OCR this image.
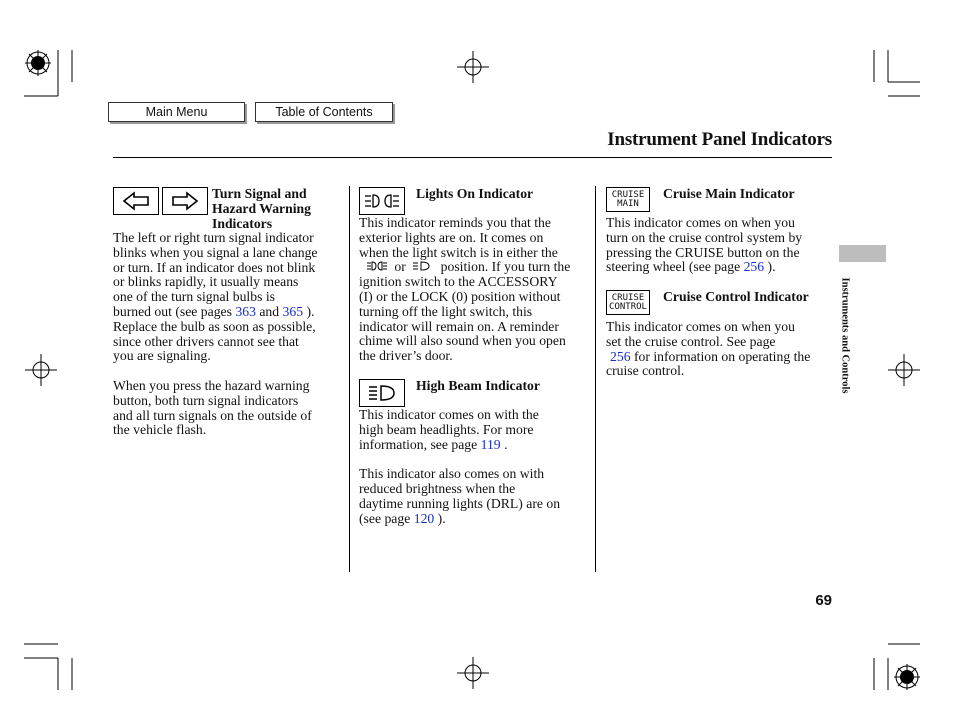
Main Menu	Table of Contents
Instrument Panel Indicators
Instruments and Controls
Turn Signal and
Hazard Warning
Indicators
The left or right turn signal indicator
blinks when you signal a lane change
or turn. If an indicator does not blink
or blinks rapidly, it usually means
one of the turn signal bulbs is
burned out (see pages 363 and 365 ).
Replace the bulb as soon as possible,
since other drivers cannot see that
you are signaling.
When you press the hazard warning
button, both turn signal indicators
and all turn signals on the outside of
the vehicle flash.
Lights On Indicator
This indicator reminds you that the
exterior lights are on. It comes on
when the light switch is in either the
or	position. If you turn the
ignition switch to the ACCESSORY
(I) or the LOCK (0) position without
turning off the light switch, this
indicator will remain on. A reminder
chime will also sound when you open
the driver’s door.
High Beam Indicator
This indicator comes on with the
high beam headlights. For more
information, see page 119 .
This indicator also comes on with
reduced brightness when the
daytime running lights (DRL) are on
(see page 120 ).
CRUISE
MAIN
Cruise Main Indicator
This indicator comes on when you
turn on the cruise control system by
pressing the CRUISE button on the
steering wheel (see page 256 ).
CRUISE
CONTROL
Cruise Control Indicator
This indicator comes on when you
set the cruise control. See page
256 for information on operating the
cruise control.
69
